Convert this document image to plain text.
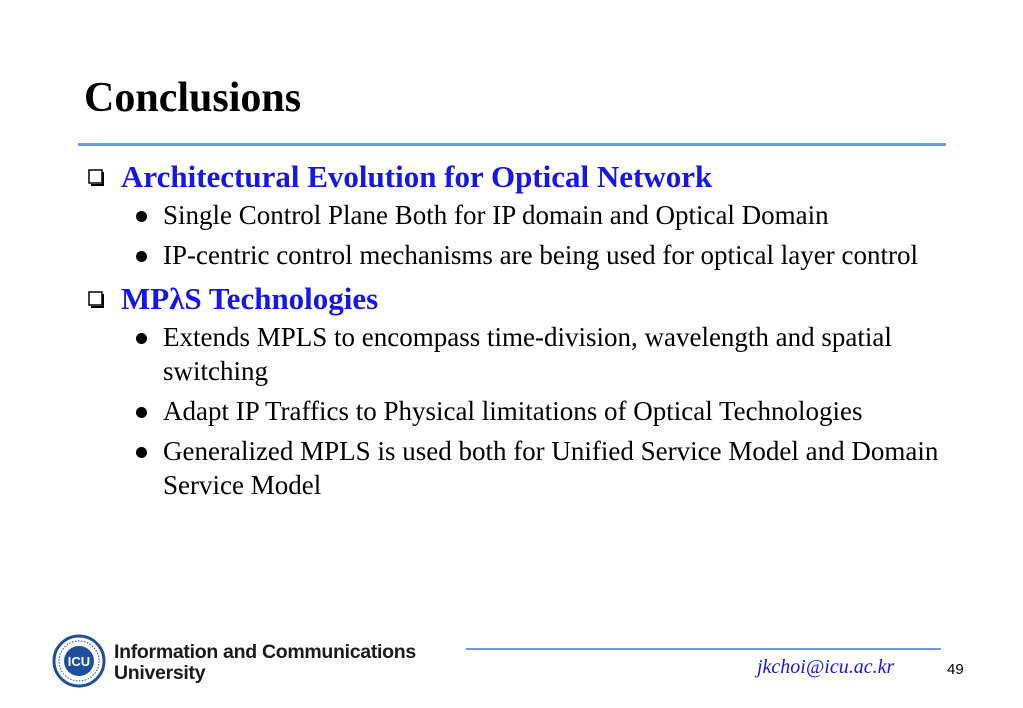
Conclusions
Architectural Evolution for Optical Network
Single Control Plane Both for IP domain and Optical Domain
IP-centric control mechanisms are being used for optical layer control
MPλS Technologies
Extends MPLS to encompass time-division, wavelength and spatial switching
Adapt IP Traffics to Physical limitations of Optical Technologies
Generalized MPLS is used both for Unified Service Model and Domain Service Model
ICU Information and Communications
University	jkchoi@icu.ac.kr	49
